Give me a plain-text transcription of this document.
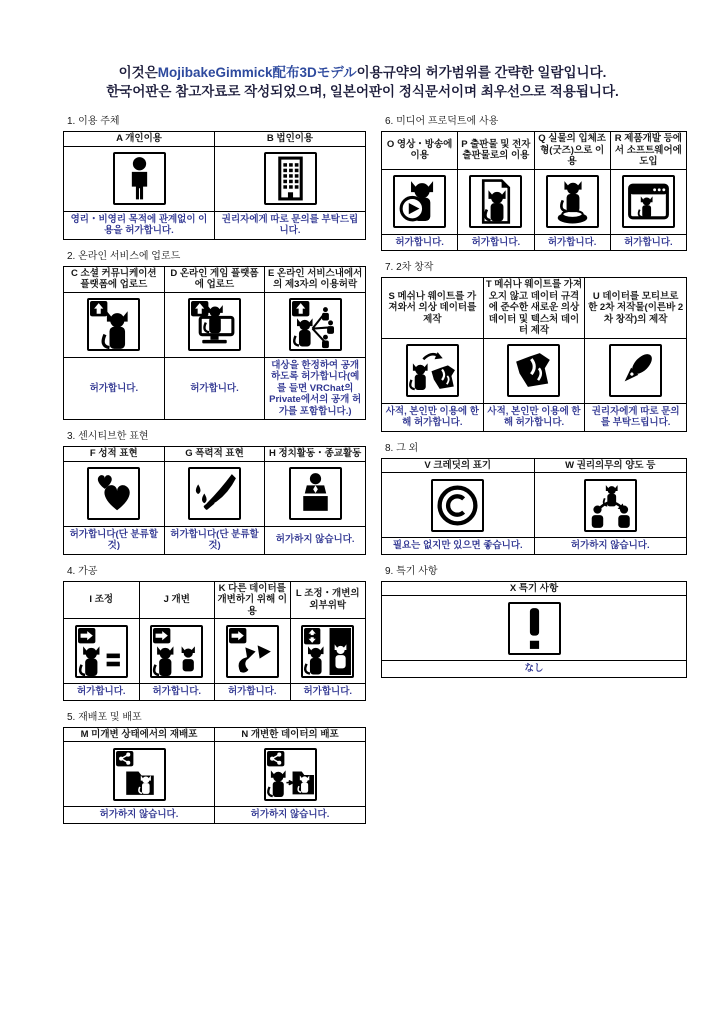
이것은MojibakeGimmick配布3Dモデル이용규약의 허가범위를 간략한 일람입니다.
한국어판은 참고자료로 작성되었으며, 일본어판이 정식문서이며 최우선으로 적용됩니다.
1. 이용 주체
A 개인이용	B 법인이용

영리・비영리 목적에 관계없이 이용을 허가합니다.	권리자에게 따로 문의를 부탁드립니다.
2. 온라인 서비스에 업로드
C 소셜 커뮤니케이션 플랫폼에 업로드	D 온라인 게임 플랫폼에 업로드	E 온라인 서비스내에서의 제3자의 이용허락

허가합니다.	허가합니다.	대상을 한정하여 공개하도록 허가합니다(예를 들면 VRChat의 Private에서의 공개 허가를 포함합니다.)
3. 센시티브한 표현
F 성적 표현	G 폭력적 표현	H 정치활동・종교활동

허가합니다(단 분류할 것)	허가합니다(단 분류할 것)	허가하지 않습니다.
4. 가공
I 조정	J 개변	K 다른 데이터를 개변하기 위해 이용	L 조정・개변의 외부위탁

허가합니다.	허가합니다.	허가합니다.	허가합니다.
5. 재배포 및 배포
M 미개변 상태에서의 재배포	N 개변한 데이터의 배포

허가하지 않습니다.	허가하지 않습니다.
6. 미디어 프로덕트에 사용
O 영상・방송에 이용	P 출판물 및 전자출판물로의 이용	Q 실물의 입체조형(굿즈)으로 이용	R 제품개발 등에서 소프트웨어에 도입

허가합니다.	허가합니다.	허가합니다.	허가합니다.
7. 2차 창작
S 메쉬나 웨이트를 가져와서 의상 데이터를 제작	T 메쉬나 웨이트를 가져오지 않고 데이터 규격에 준수한 새로운 의상 데이터 및 텍스처 데이터 제작	U 데이터를 모티브로 한 2차 저작물(이른바 2차 창작)의 제작

사적, 본인만 이용에 한해 허가합니다.	사적, 본인만 이용에 한해 허가합니다.	권리자에게 따로 문의를 부탁드립니다.
8. 그 외
V 크레딧의 표기	W 권리의무의 양도 등

필요는 없지만 있으면 좋습니다.	허가하지 않습니다.
9. 특기 사항
X 특기 사항

なし
